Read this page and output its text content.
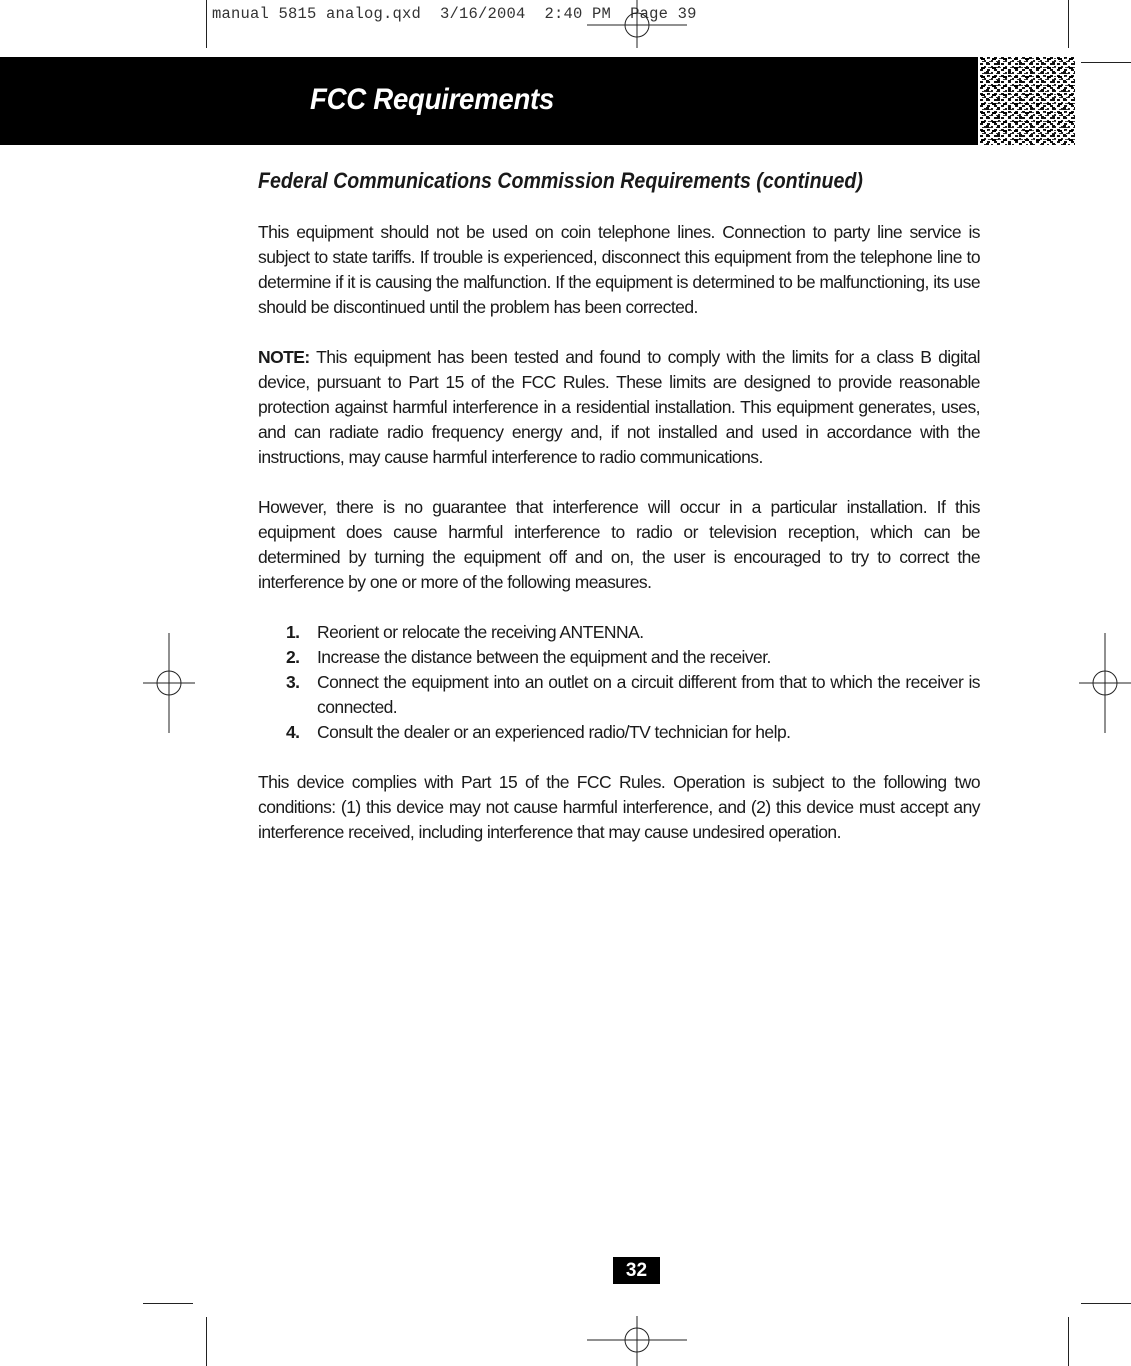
manual 5815 analog.qxd  3/16/2004  2:40 PM  Page 39
FCC Requirements
Federal Communications Commission Requirements (continued)

This equipment should not be used on coin telephone lines. Connection to party line service is subject to state tariffs. If trouble is experienced, disconnect this equipment from the telephone line to determine if it is causing the malfunction. If the equipment is determined to be malfunctioning, its use should be discontinued until the problem has been corrected.

NOTE: This equipment has been tested and found to comply with the limits for a class B digital device, pursuant to Part 15 of the FCC Rules. These limits are designed to provide reasonable protection against harmful interference in a residential installation. This equipment generates, uses, and can radiate radio frequency energy and, if not installed and used in accordance with the instructions, may cause harmful interference to radio communications.

However, there is no guarantee that interference will occur in a particular installation. If this equipment does cause harmful interference to radio or television reception, which can be determined by turning the equipment off and on, the user is encouraged to try to correct the interference by one or more of the following measures.

1.	Reorient or relocate the receiving ANTENNA.
2.	Increase the distance between the equipment and the receiver.
3.	Connect the equipment into an outlet on a circuit different from that to which the receiver is connected.
4.	Consult the dealer or an experienced radio/TV technician for help.

This device complies with Part 15 of the FCC Rules. Operation is subject to the following two conditions: (1) this device may not cause harmful interference, and (2) this device must accept any interference received, including interference that may cause undesired operation.

32
